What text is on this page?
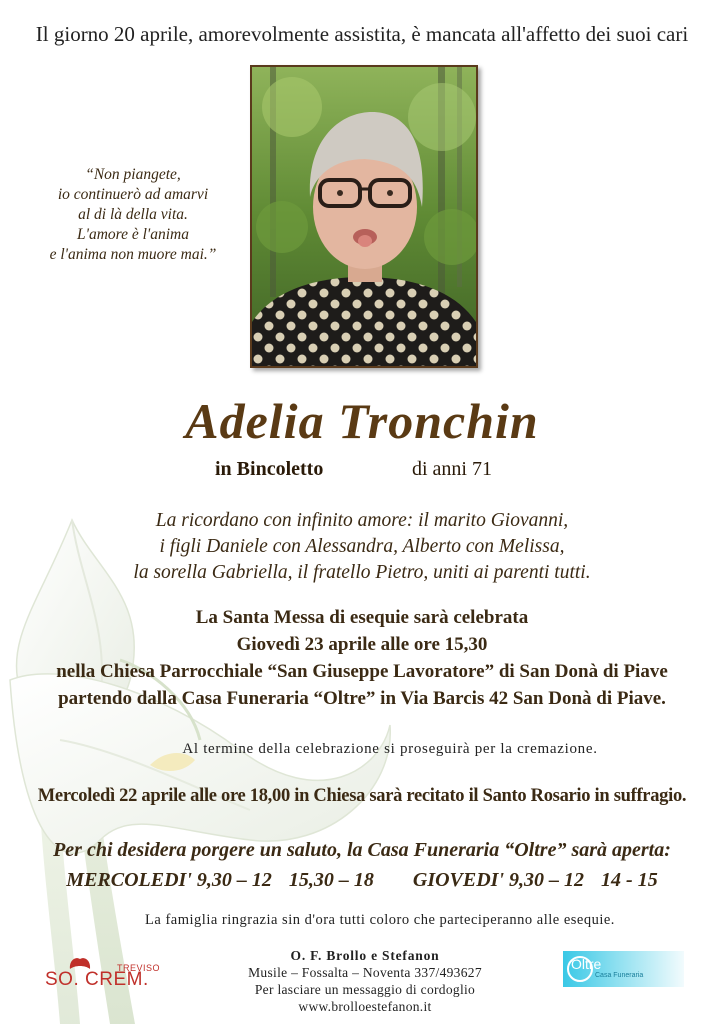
Il giorno 20 aprile, amorevolmente assistita, è mancata all'affetto dei suoi cari
“Non piangete,
io continuerò ad amarvi
al di là della vita.
L'amore è l'anima
e l'anima non muore mai.”
Adelia Tronchin
in Bincoletto	di anni 71
La ricordano con infinito amore: il marito Giovanni,
i figli Daniele con Alessandra, Alberto con Melissa,
la sorella Gabriella, il fratello Pietro, uniti ai parenti tutti.
La Santa Messa di esequie sarà celebrata
Giovedì 23 aprile alle ore 15,30
nella Chiesa Parrocchiale “San Giuseppe Lavoratore” di San Donà di Piave
partendo dalla Casa Funeraria “Oltre” in Via Barcis 42 San Donà di Piave.
Al termine della celebrazione si proseguirà per la cremazione.
Mercoledì 22 aprile alle ore 18,00 in Chiesa sarà recitato il Santo Rosario in suffragio.
Per chi desidera porgere un saluto, la Casa Funeraria “Oltre” sarà aperta:
MERCOLEDI' 9,30 – 12 15,30 – 18 GIOVEDI' 9,30 – 12 14 - 15
La famiglia ringrazia sin d'ora tutti coloro che parteciperanno alle esequie.
TREVISO
SO. CREM.
O. F. Brollo e Stefanon
Musile – Fossalta – Noventa 337/493627
Per lasciare un messaggio di cordoglio
www.brolloestefanon.it
Oltre
Casa Funeraria
